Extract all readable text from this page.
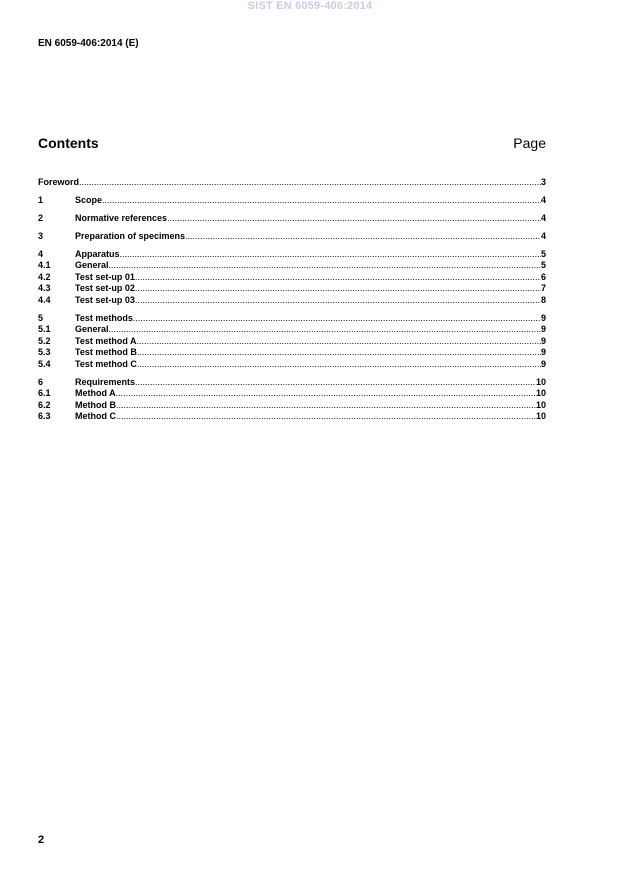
SIST EN 6059-406:2014
EN 6059-406:2014 (E)
Contents	Page
Foreword .....	3
1	Scope .....	4
2	Normative references .....	4
3	Preparation of specimens .....	4
4	Apparatus .....	5
4.1	General .....	5
4.2	Test set-up 01 .....	6
4.3	Test set-up 02 .....	7
4.4	Test set-up 03 .....	8
5	Test methods .....	9
5.1	General .....	9
5.2	Test method A .....	9
5.3	Test method B .....	9
5.4	Test method C .....	9
6	Requirements .....	10
6.1	Method A .....	10
6.2	Method B .....	10
6.3	Method C .....	10
2
